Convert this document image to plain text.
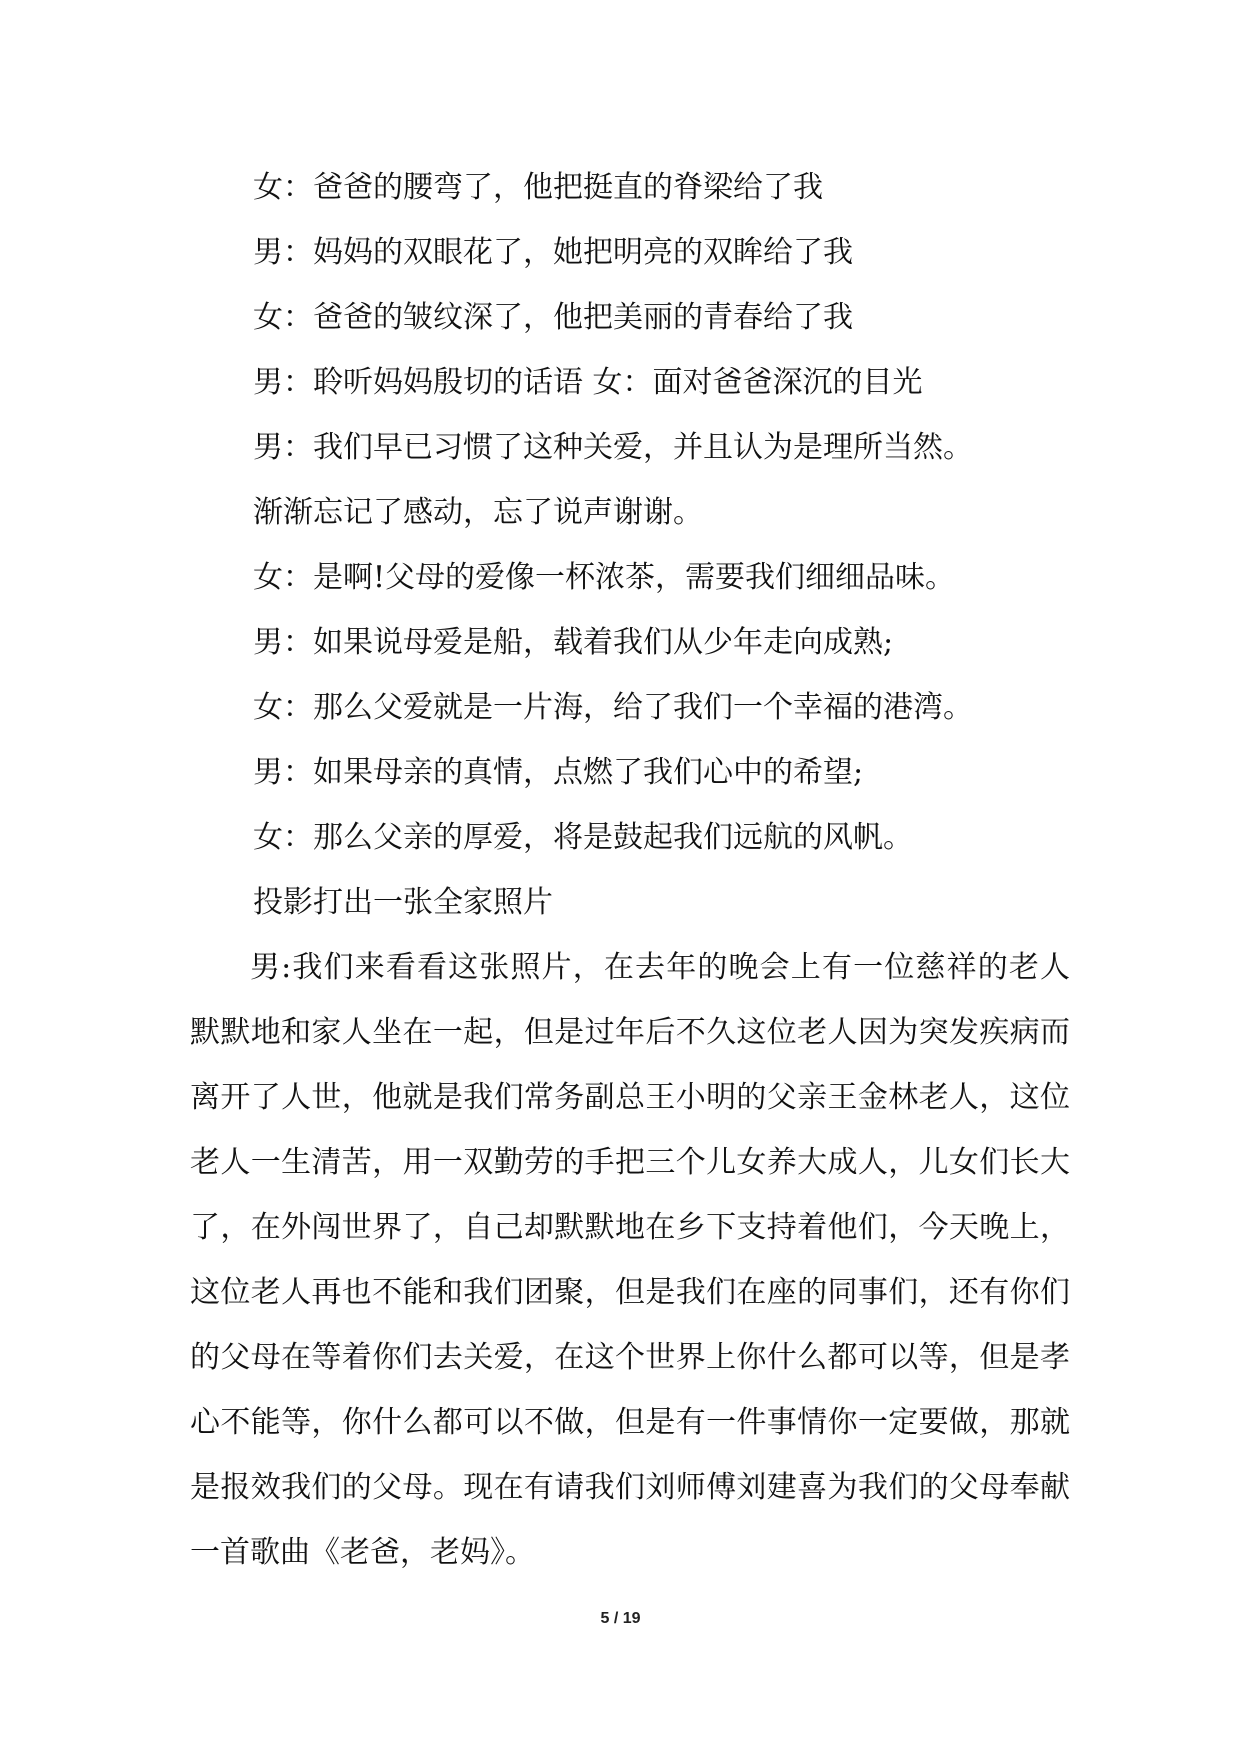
女：爸爸的腰弯了，他把挺直的脊梁给了我

男：妈妈的双眼花了，她把明亮的双眸给了我

女：爸爸的皱纹深了，他把美丽的青春给了我

男：聆听妈妈殷切的话语 女：面对爸爸深沉的目光

男：我们早已习惯了这种关爱，并且认为是理所当然。

渐渐忘记了感动，忘了说声谢谢。

女：是啊!父母的爱像一杯浓茶，需要我们细细品味。

男：如果说母爱是船，载着我们从少年走向成熟;

女：那么父爱就是一片海，给了我们一个幸福的港湾。

男：如果母亲的真情，点燃了我们心中的希望;

女：那么父亲的厚爱，将是鼓起我们远航的风帆。

投影打出一张全家照片

男:我们来看看这张照片，在去年的晚会上有一位慈祥的老人默默地和家人坐在一起，但是过年后不久这位老人因为突发疾病而离开了人世，他就是我们常务副总王小明的父亲王金林老人，这位老人一生清苦，用一双勤劳的手把三个儿女养大成人，儿女们长大了，在外闯世界了，自己却默默地在乡下支持着他们，今天晚上，这位老人再也不能和我们团聚，但是我们在座的同事们，还有你们的父母在等着你们去关爱，在这个世界上你什么都可以等，但是孝心不能等，你什么都可以不做，但是有一件事情你一定要做，那就是报效我们的父母。现在有请我们刘师傅刘建喜为我们的父母奉献一首歌曲《老爸，老妈》。

5 / 19
